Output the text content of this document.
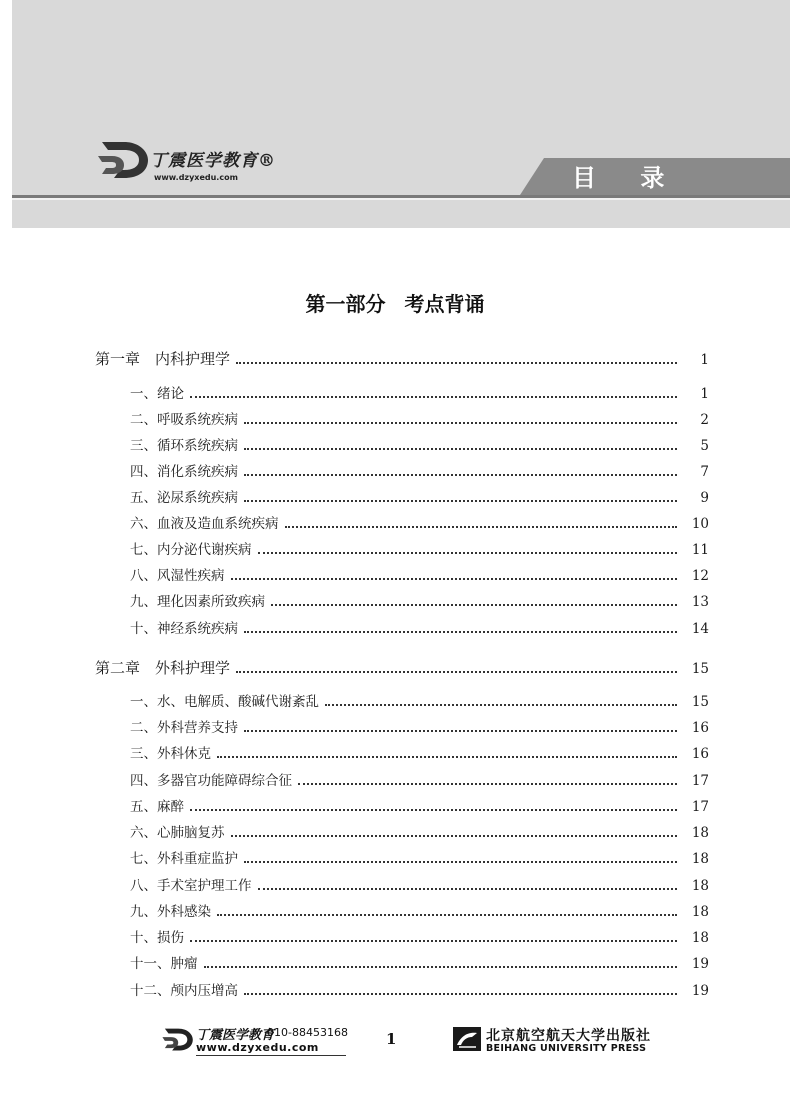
目 录
丁震医学教育®
www.dzyxedu.com
第一部分 考点背诵
第一章　内科护理学	1
一、绪论	1
二、呼吸系统疾病	2
三、循环系统疾病	5
四、消化系统疾病	7
五、泌尿系统疾病	9
六、血液及造血系统疾病	10
七、内分泌代谢疾病	11
八、风湿性疾病	12
九、理化因素所致疾病	13
十、神经系统疾病	14
第二章　外科护理学	15
一、水、电解质、酸碱代谢紊乱	15
二、外科营养支持	16
三、外科休克	16
四、多器官功能障碍综合征	17
五、麻醉	17
六、心肺脑复苏	18
七、外科重症监护	18
八、手术室护理工作	18
九、外科感染	18
十、损伤	18
十一、肿瘤	19
十二、颅内压增高	19
丁震医学教育
010-88453168
www.dzyxedu.com	1	北京航空航天大学出版社
BEIHANG UNIVERSITY PRESS
